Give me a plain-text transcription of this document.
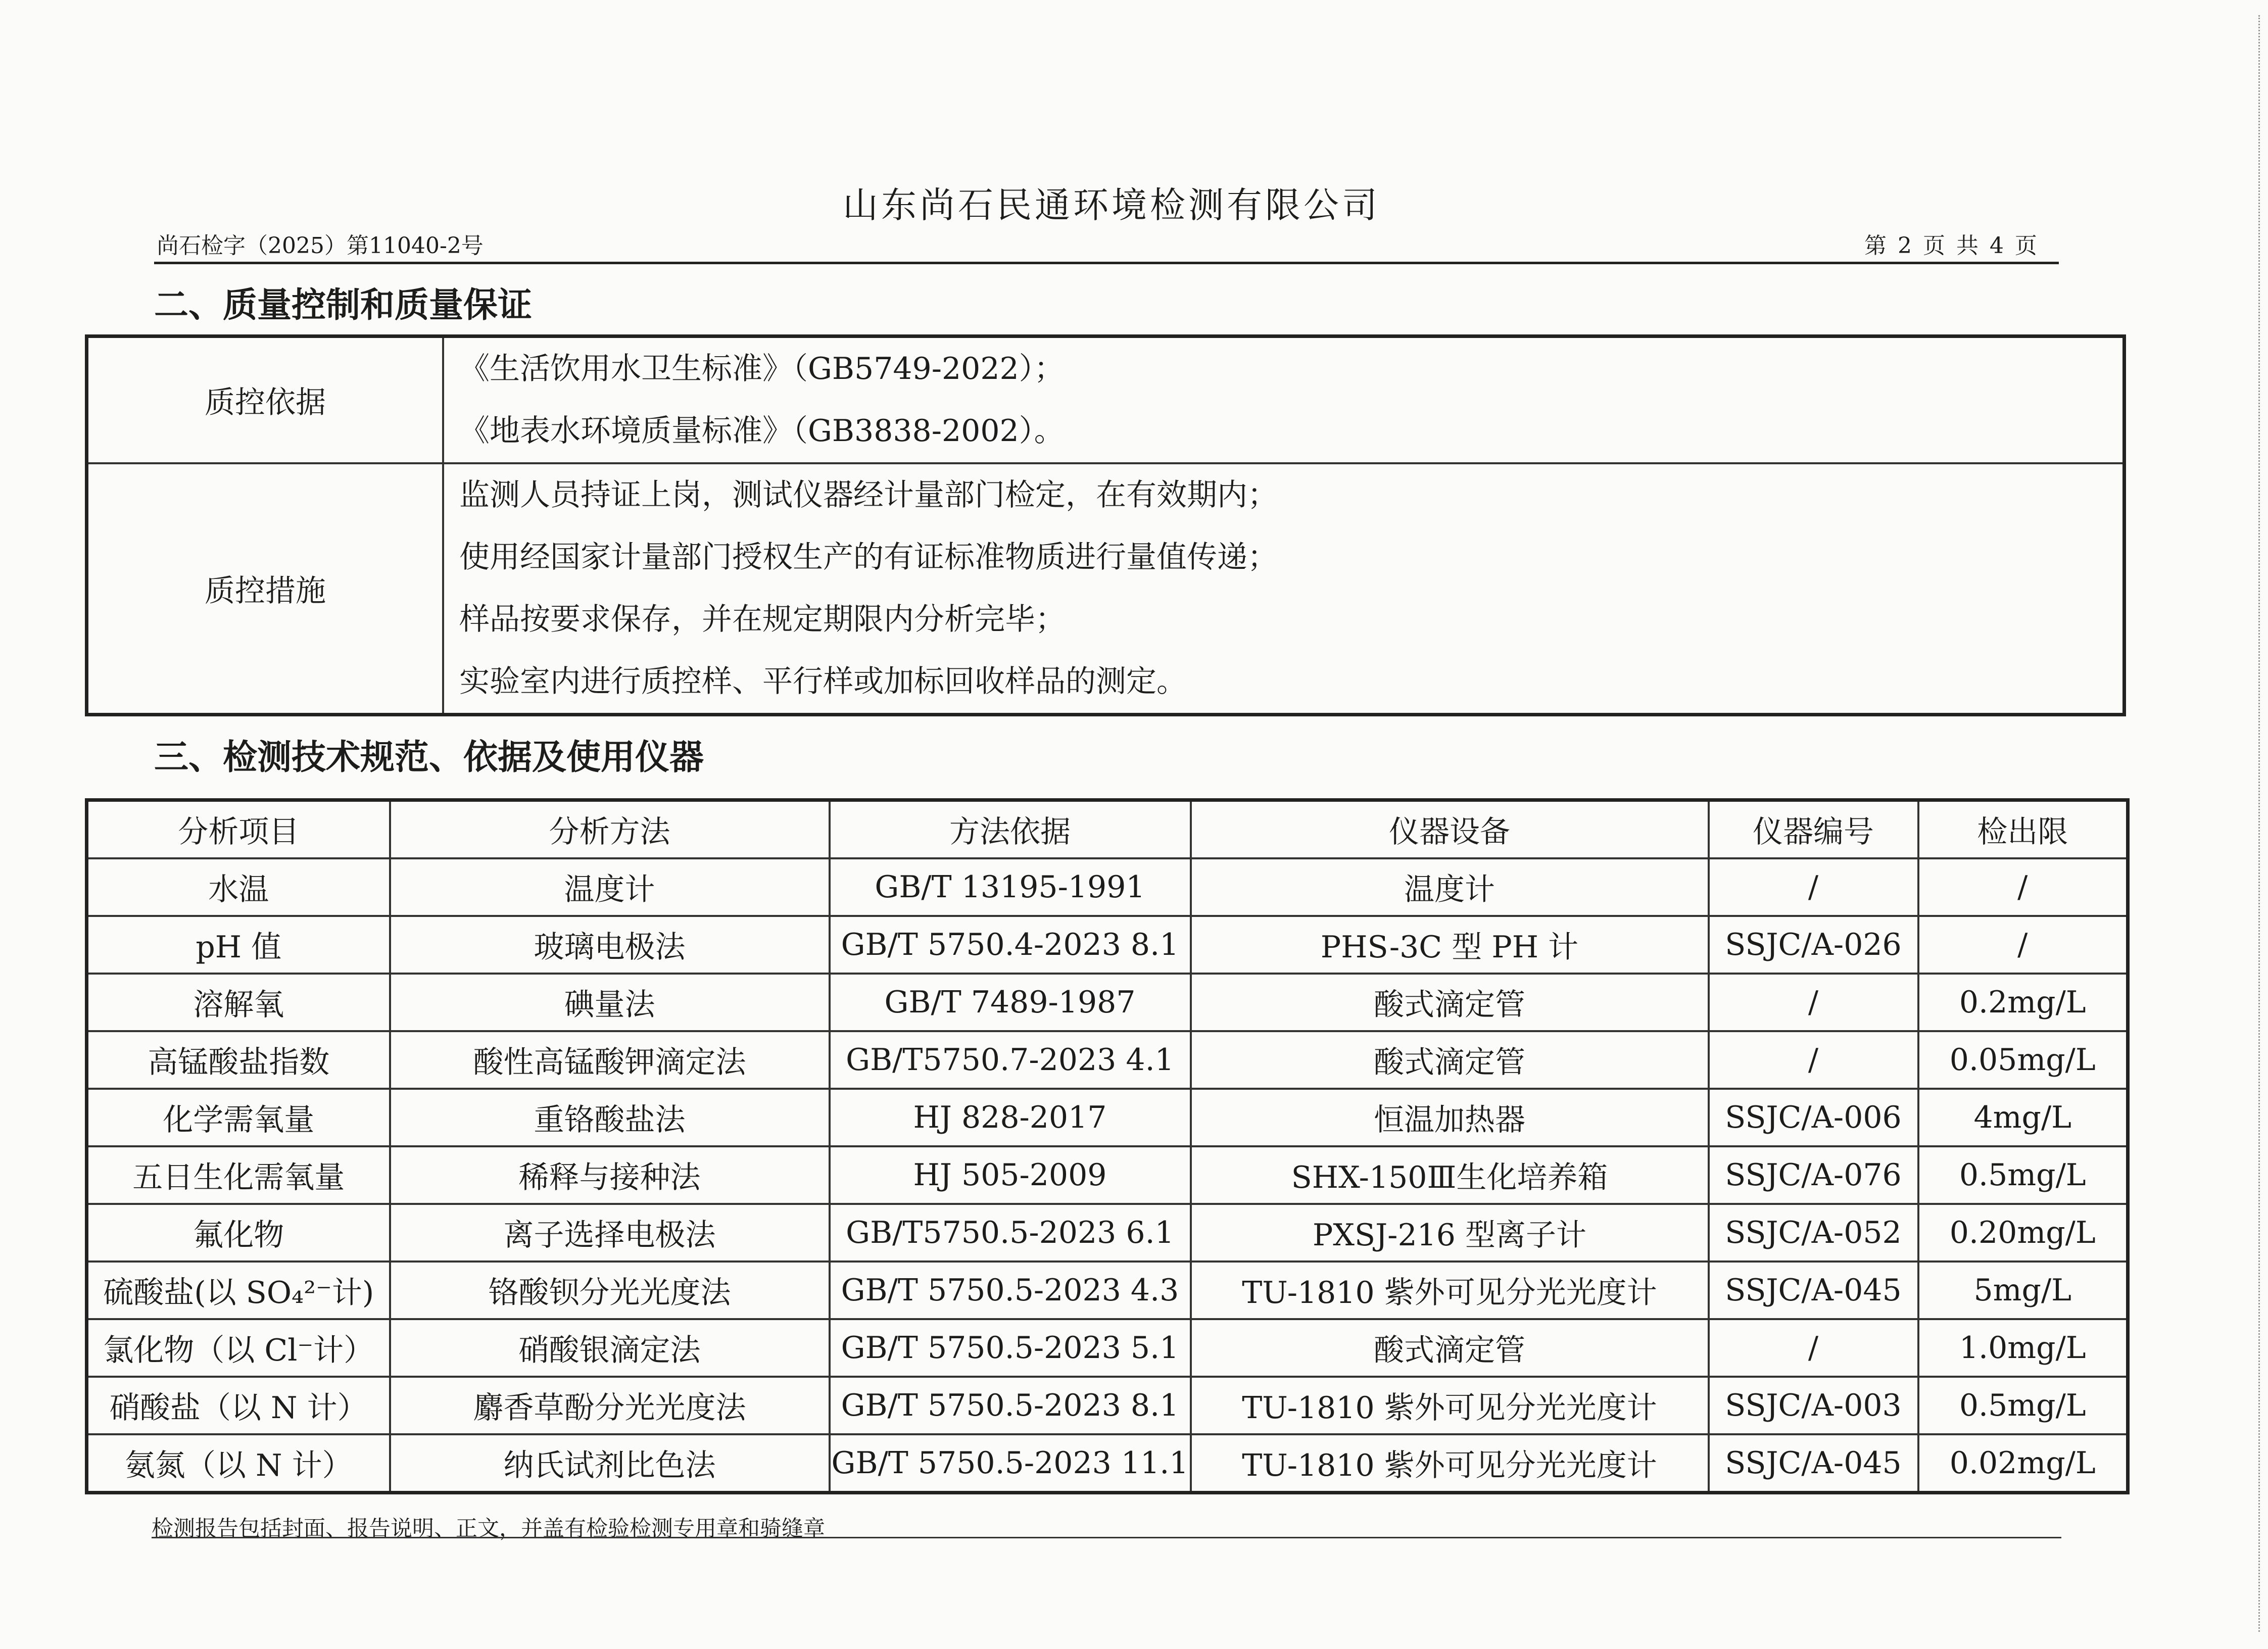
山东尚石民通环境检测有限公司
尚石检字（2025）第11040-2号	第 2 页 共 4 页
二、质量控制和质量保证
质控依据	《生活饮用水卫生标准》（GB5749-2022）；
《地表水环境质量标准》（GB3838-2002）。

质控措施	监测人员持证上岗，测试仪器经计量部门检定，在有效期内；
使用经国家计量部门授权生产的有证标准物质进行量值传递；
样品按要求保存，并在规定期限内分析完毕；
实验室内进行质控样、平行样或加标回收样品的测定。
三、检测技术规范、依据及使用仪器
分析项目	分析方法	方法依据	仪器设备	仪器编号	检出限
水温	温度计	GB/T 13195-1991	温度计	/	/
pH 值	玻璃电极法	GB/T 5750.4-2023 8.1	PHS-3C 型 PH 计	SSJC/A-026	/
溶解氧	碘量法	GB/T 7489-1987	酸式滴定管	/	0.2mg/L
高锰酸盐指数	酸性高锰酸钾滴定法	GB/T5750.7-2023 4.1	酸式滴定管	/	0.05mg/L
化学需氧量	重铬酸盐法	HJ 828-2017	恒温加热器	SSJC/A-006	4mg/L
五日生化需氧量	稀释与接种法	HJ 505-2009	SHX-150Ⅲ生化培养箱	SSJC/A-076	0.5mg/L
氟化物	离子选择电极法	GB/T5750.5-2023 6.1	PXSJ-216 型离子计	SSJC/A-052	0.20mg/L
硫酸盐(以 SO₄²⁻计)	铬酸钡分光光度法	GB/T 5750.5-2023 4.3	TU-1810 紫外可见分光光度计	SSJC/A-045	5mg/L
氯化物（以 Cl⁻计）	硝酸银滴定法	GB/T 5750.5-2023 5.1	酸式滴定管	/	1.0mg/L
硝酸盐（以 N 计）	麝香草酚分光光度法	GB/T 5750.5-2023 8.1	TU-1810 紫外可见分光光度计	SSJC/A-003	0.5mg/L
氨氮（以 N 计）	纳氏试剂比色法	GB/T 5750.5-2023 11.1	TU-1810 紫外可见分光光度计	SSJC/A-045	0.02mg/L
检测报告包括封面、报告说明、正文，并盖有检验检测专用章和骑缝章
